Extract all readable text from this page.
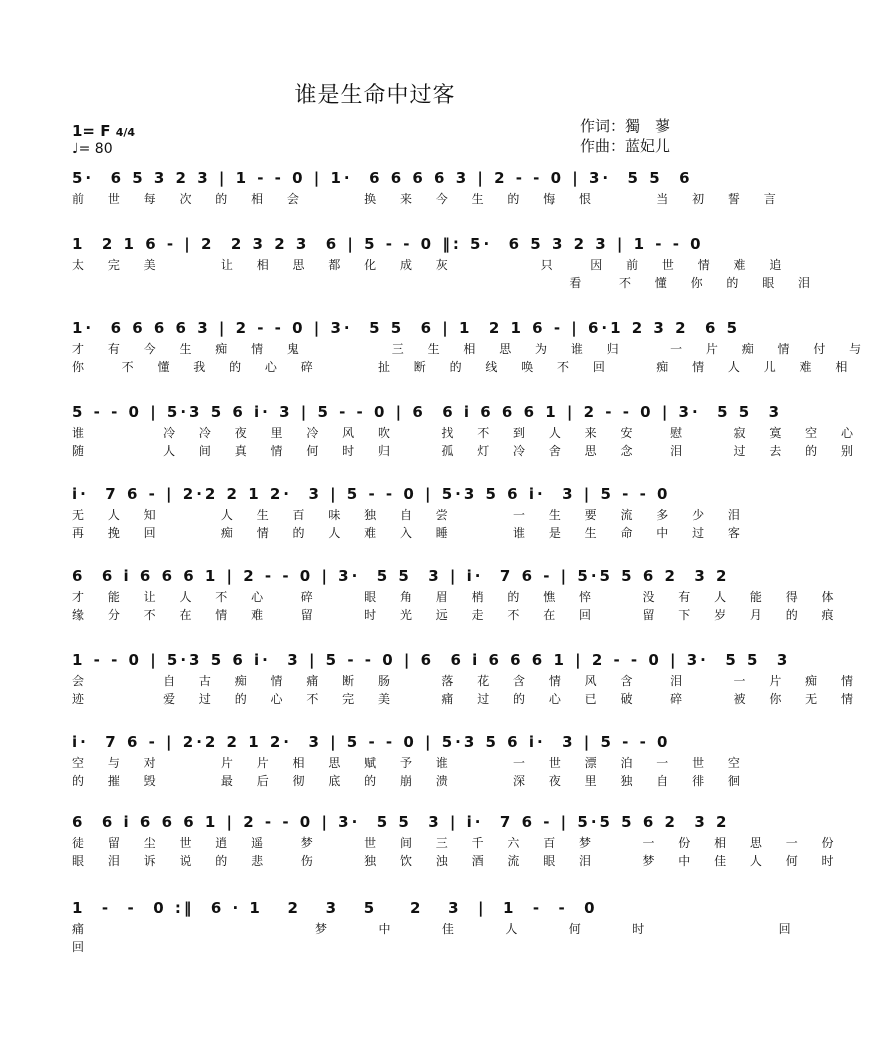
谁是生命中过客
1= F 4/4
♩= 80
作词：獨　蓼
作曲：蓝妃儿
5·  6 5 3 2 3 | 1 - - 0 | 1·  6 6 6 6 3 | 2 - - 0 | 3·  5 5  6
前 世 每 次 的 相 会    换 来 今 生 的 悔 恨    当 初 誓 言
1  2 1 6 - | 2  2 3 2 3  6 | 5 - - 0 ‖: 5·  6 5 3 2 3 | 1 - - 0
太 完 美    让 相 思 都 化 成 灰      只  因 前 世 情 难 追
看  不 懂 你 的 眼 泪
1·  6 6 6 6 3 | 2 - - 0 | 3·  5 5  6 | 1  2 1 6 - | 6·1 2 3 2  6 5
才 有 今 生 痴 情 鬼      三 生 相 思 为 谁 归   一 片 痴 情 付 与
你  不 懂 我 的 心 碎    扯 断 的 线 唤 不 回   痴 情 人 儿 难 相
5 - - 0 | 5·3 5 6 i· 3 | 5 - - 0 | 6  6 i 6 6 6 1 | 2 - - 0 | 3·  5 5  3
谁     冷 冷 夜 里 冷 风 吹   找 不 到 人 来 安  慰   寂 寞 空 心
随     人 间 真 情 何 时 归   孤 灯 冷 舍 思 念  泪   过 去 的 别
i·  7 6 - | 2·2 2 1 2·  3 | 5 - - 0 | 5·3 5 6 i·  3 | 5 - - 0
无 人 知    人 生 百 味 独 自 尝    一 生 要 流 多 少 泪
再 挽 回    痴 情 的 人 难 入 睡    谁 是 生 命 中 过 客
6  6 i 6 6 6 1 | 2 - - 0 | 3·  5 5  3 | i·  7 6 - | 5·5 5 6 2  3 2
才 能 让 人 不 心  碎   眼 角 眉 梢 的 憔 悴   没 有 人 能 得 体
缘 分 不 在 情 难  留   时 光 远 走 不 在 回   留 下 岁 月 的 痕
1 - - 0 | 5·3 5 6 i·  3 | 5 - - 0 | 6  6 i 6 6 6 1 | 2 - - 0 | 3·  5 5  3
会     自 古 痴 情 痛 断 肠   落 花 含 情 风 含  泪   一 片 痴 情
迹     爱 过 的 心 不 完 美   痛 过 的 心 已 破  碎   被 你 无 情
i·  7 6 - | 2·2 2 1 2·  3 | 5 - - 0 | 5·3 5 6 i·  3 | 5 - - 0
空 与 对    片 片 相 思 赋 予 谁    一 世 漂 泊 一 世 空
的 摧 毁    最 后 彻 底 的 崩 溃    深 夜 里 独 自 徘 徊
6  6 i 6 6 6 1 | 2 - - 0 | 3·  5 5  3 | i·  7 6 - | 5·5 5 6 2  3 2
徒 留 尘 世 逍 遥  梦   世 间 三 千 六 百 梦   一 份 相 思 一 份
眼 泪 诉 说 的 悲  伤   独 饮 浊 酒 流 眼 泪   梦 中 佳 人 何 时
1  -  -  0 :‖  6 · 1   2   3   5    2   3  |  1  -  -  0
痛                梦   中   佳   人   何   时         回
回
